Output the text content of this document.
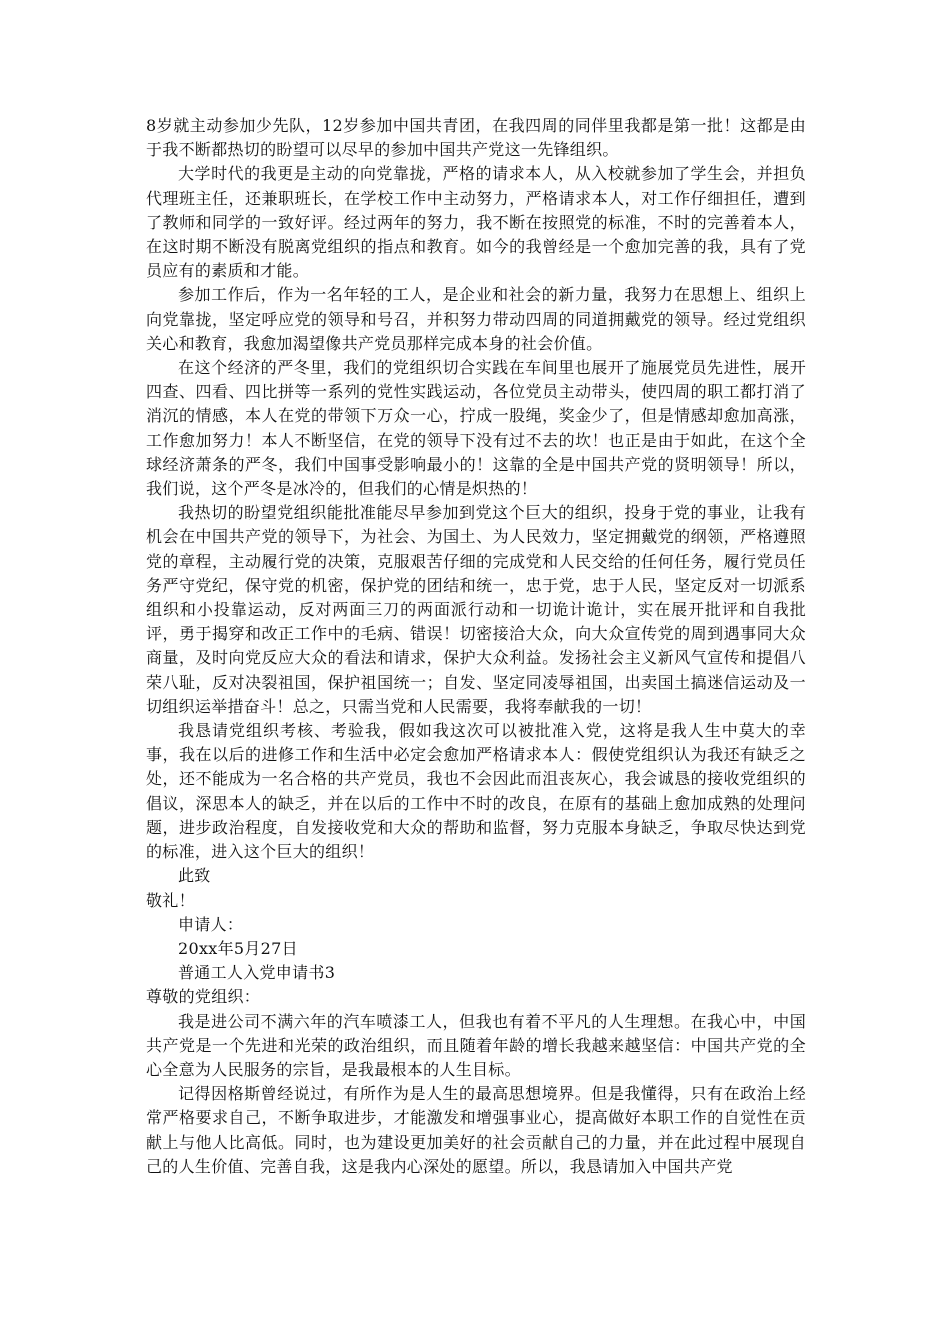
8岁就主动参加少先队，12岁参加中国共青团，在我四周的同伴里我都是第一批！这都是由于我不断都热切的盼望可以尽早的参加中国共产党这一先锋组织。

大学时代的我更是主动的向党靠拢，严格的请求本人，从入校就参加了学生会，并担负代理班主任，还兼职班长，在学校工作中主动努力，严格请求本人，对工作仔细担任，遭到了教师和同学的一致好评。经过两年的努力，我不断在按照党的标准，不时的完善着本人，在这时期不断没有脱离党组织的指点和教育。如今的我曾经是一个愈加完善的我，具有了党员应有的素质和才能。

参加工作后，作为一名年轻的工人，是企业和社会的新力量，我努力在思想上、组织上向党靠拢，坚定呼应党的领导和号召，并积努力带动四周的同道拥戴党的领导。经过党组织关心和教育，我愈加渴望像共产党员那样完成本身的社会价值。

在这个经济的严冬里，我们的党组织切合实践在车间里也展开了施展党员先进性，展开四查、四看、四比拼等一系列的党性实践运动，各位党员主动带头，使四周的职工都打消了消沉的情感，本人在党的带领下万众一心，拧成一股绳，奖金少了，但是情感却愈加高涨，工作愈加努力！本人不断坚信，在党的领导下没有过不去的坎！也正是由于如此，在这个全球经济萧条的严冬，我们中国事受影响最小的！这靠的全是中国共产党的贤明领导！所以，我们说，这个严冬是冰冷的，但我们的心情是炽热的！

我热切的盼望党组织能批准能尽早参加到党这个巨大的组织，投身于党的事业，让我有机会在中国共产党的领导下，为社会、为国土、为人民效力，坚定拥戴党的纲领，严格遵照党的章程，主动履行党的决策，克服艰苦仔细的完成党和人民交给的任何任务，履行党员任务严守党纪，保守党的机密，保护党的团结和统一，忠于党，忠于人民，坚定反对一切派系组织和小投靠运动，反对两面三刀的两面派行动和一切诡计诡计，实在展开批评和自我批评，勇于揭穿和改正工作中的毛病、错误！切密接洽大众，向大众宣传党的周到遇事同大众商量，及时向党反应大众的看法和请求，保护大众利益。发扬社会主义新风气宣传和提倡八荣八耻，反对决裂祖国，保护祖国统一；自发、坚定同凌辱祖国，出卖国土搞迷信运动及一切组织运举措奋斗！总之，只需当党和人民需要，我将奉献我的一切！

我恳请党组织考核、考验我，假如我这次可以被批准入党，这将是我人生中莫大的幸事，我在以后的进修工作和生活中必定会愈加严格请求本人：假使党组织认为我还有缺乏之处，还不能成为一名合格的共产党员，我也不会因此而沮丧灰心，我会诚恳的接收党组织的倡议，深思本人的缺乏，并在以后的工作中不时的改良，在原有的基础上愈加成熟的处理问题，进步政治程度，自发接收党和大众的帮助和监督，努力克服本身缺乏，争取尽快达到党的标准，进入这个巨大的组织！

此致

敬礼！

申请人：

20xx年5月27日

普通工人入党申请书3

尊敬的党组织：

我是进公司不满六年的汽车喷漆工人，但我也有着不平凡的人生理想。在我心中，中国共产党是一个先进和光荣的政治组织，而且随着年龄的增长我越来越坚信：中国共产党的全心全意为人民服务的宗旨，是我最根本的人生目标。

记得因格斯曾经说过，有所作为是人生的最高思想境界。但是我懂得，只有在政治上经常严格要求自己，不断争取进步，才能激发和增强事业心，提高做好本职工作的自觉性在贡献上与他人比高低。同时，也为建设更加美好的社会贡献自己的力量，并在此过程中展现自己的人生价值、完善自我，这是我内心深处的愿望。所以，我恳请加入中国共产党
